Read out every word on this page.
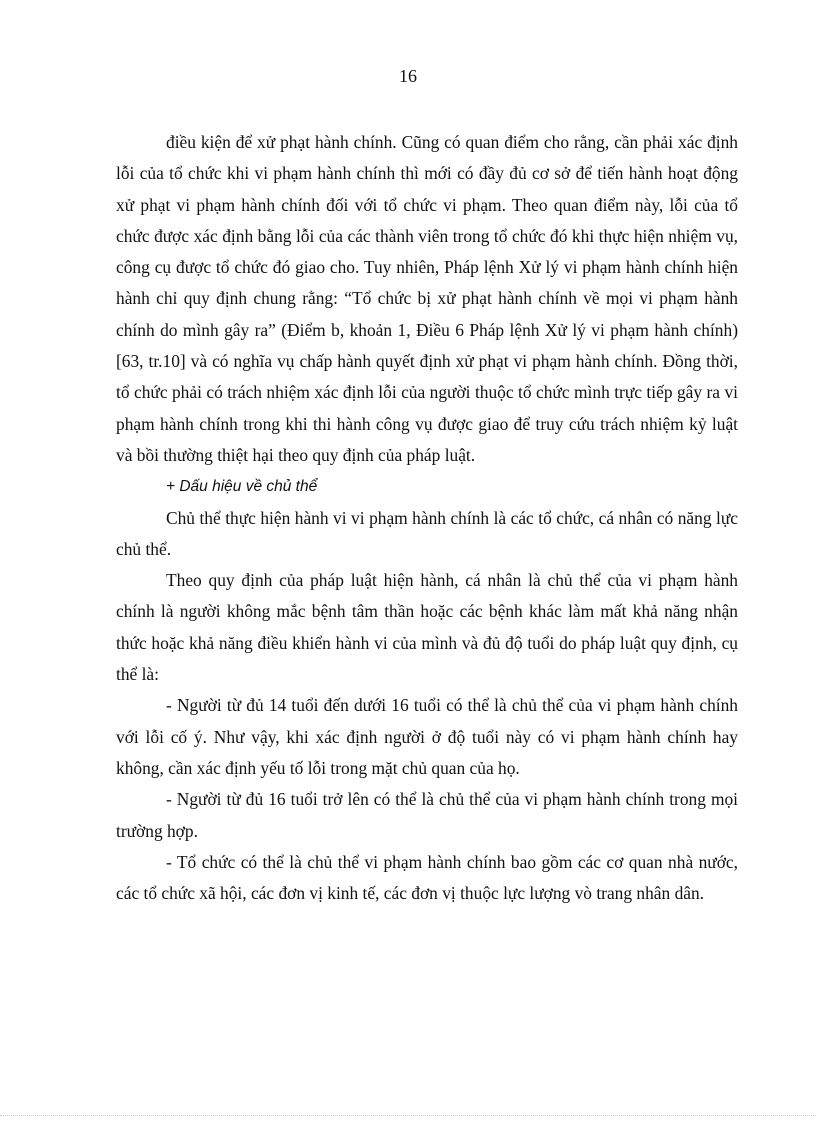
16

điều kiện để xử phạt hành chính. Cũng có quan điểm cho rằng, cần phải xác định lỗi của tổ chức khi vi phạm hành chính thì mới có đầy đủ cơ sở để tiến hành hoạt động xử phạt vi phạm hành chính đối với tổ chức vi phạm. Theo quan điểm này, lỗi của tổ chức được xác định bằng lỗi của các thành viên trong tổ chức đó khi thực hiện nhiệm vụ, công cụ được tổ chức đó giao cho. Tuy nhiên, Pháp lệnh Xử lý vi phạm hành chính hiện hành chỉ quy định chung rằng: “Tổ chức bị xử phạt hành chính về mọi vi phạm hành chính do mình gây ra” (Điểm b, khoản 1, Điều 6 Pháp lệnh Xử lý vi phạm hành chính) [63, tr.10] và có nghĩa vụ chấp hành quyết định xử phạt vi phạm hành chính. Đồng thời, tổ chức phải có trách nhiệm xác định lỗi của người thuộc tổ chức mình trực tiếp gây ra vi phạm hành chính trong khi thi hành công vụ được giao để truy cứu trách nhiệm kỷ luật và bồi thường thiệt hại theo quy định của pháp luật.

+ Dấu hiệu về chủ thể

Chủ thể thực hiện hành vi vi phạm hành chính là các tổ chức, cá nhân có năng lực chủ thể.

Theo quy định của pháp luật hiện hành, cá nhân là chủ thể của vi phạm hành chính là người không mắc bệnh tâm thần hoặc các bệnh khác làm mất khả năng nhận thức hoặc khả năng điều khiển hành vi của mình và đủ độ tuổi do pháp luật quy định, cụ thể là:

- Người từ đủ 14 tuổi đến dưới 16 tuổi có thể là chủ thể của vi phạm hành chính với lỗi cố ý. Như vậy, khi xác định người ở độ tuổi này có vi phạm hành chính hay không, cần xác định yếu tố lỗi trong mặt chủ quan của họ.

- Người từ đủ 16 tuổi trở lên có thể là chủ thể của vi phạm hành chính trong mọi trường hợp.

- Tổ chức có thể là chủ thể vi phạm hành chính bao gồm các cơ quan nhà nước, các tổ chức xã hội, các đơn vị kinh tế, các đơn vị thuộc lực lượng vò trang nhân dân.
